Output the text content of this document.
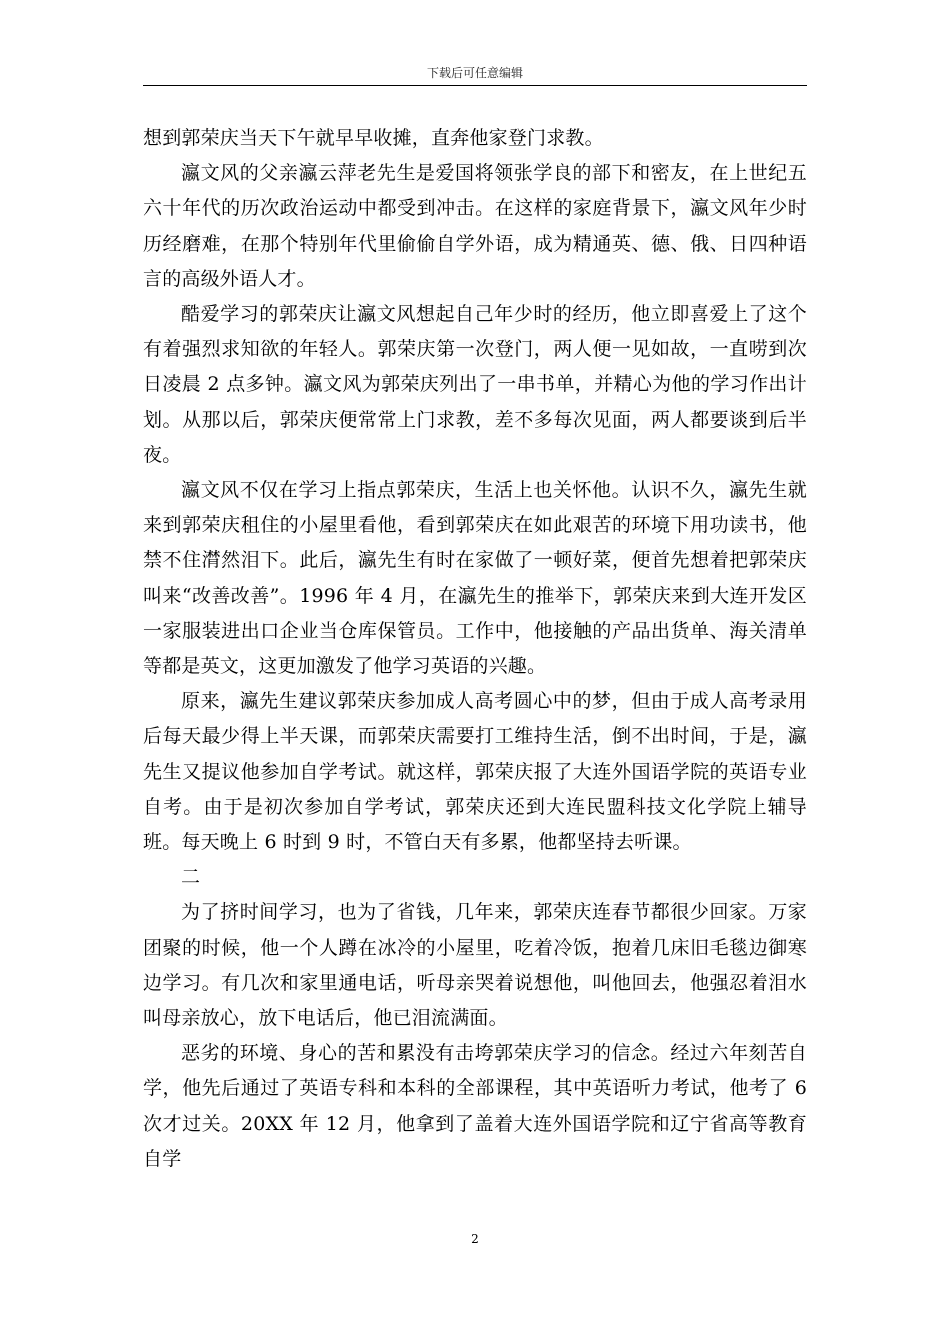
下载后可任意编辑

想到郭荣庆当天下午就早早收摊，直奔他家登门求教。

瀛文风的父亲瀛云萍老先生是爱国将领张学良的部下和密友，在上世纪五六十年代的历次政治运动中都受到冲击。在这样的家庭背景下，瀛文风年少时历经磨难，在那个特别年代里偷偷自学外语，成为精通英、德、俄、日四种语言的高级外语人才。

酷爱学习的郭荣庆让瀛文风想起自己年少时的经历，他立即喜爱上了这个有着强烈求知欲的年轻人。郭荣庆第一次登门，两人便一见如故，一直唠到次日凌晨 2 点多钟。瀛文风为郭荣庆列出了一串书单，并精心为他的学习作出计划。从那以后，郭荣庆便常常上门求教，差不多每次见面，两人都要谈到后半夜。

瀛文风不仅在学习上指点郭荣庆，生活上也关怀他。认识不久，瀛先生就来到郭荣庆租住的小屋里看他，看到郭荣庆在如此艰苦的环境下用功读书，他禁不住潸然泪下。此后，瀛先生有时在家做了一顿好菜，便首先想着把郭荣庆叫来“改善改善”。1996 年 4 月，在瀛先生的推举下，郭荣庆来到大连开发区一家服装进出口企业当仓库保管员。工作中，他接触的产品出货单、海关清单等都是英文，这更加激发了他学习英语的兴趣。

原来，瀛先生建议郭荣庆参加成人高考圆心中的梦，但由于成人高考录用后每天最少得上半天课，而郭荣庆需要打工维持生活，倒不出时间，于是，瀛先生又提议他参加自学考试。就这样，郭荣庆报了大连外国语学院的英语专业自考。由于是初次参加自学考试，郭荣庆还到大连民盟科技文化学院上辅导班。每天晚上 6 时到 9 时，不管白天有多累，他都坚持去听课。

二

为了挤时间学习，也为了省钱，几年来，郭荣庆连春节都很少回家。万家团聚的时候，他一个人蹲在冰冷的小屋里，吃着冷饭，抱着几床旧毛毯边御寒边学习。有几次和家里通电话，听母亲哭着说想他，叫他回去，他强忍着泪水叫母亲放心，放下电话后，他已泪流满面。

恶劣的环境、身心的苦和累没有击垮郭荣庆学习的信念。经过六年刻苦自学，他先后通过了英语专科和本科的全部课程，其中英语听力考试，他考了 6 次才过关。20XX 年 12 月，他拿到了盖着大连外国语学院和辽宁省高等教育自学

2
